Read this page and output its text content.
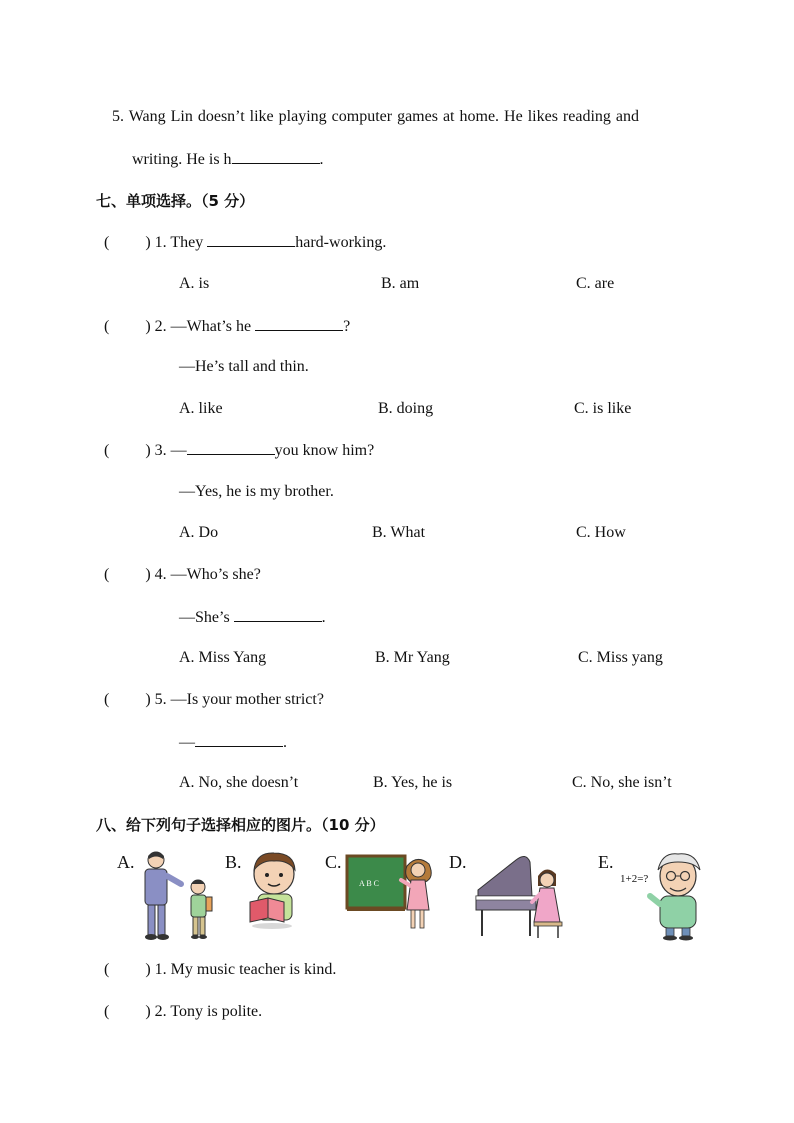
5. Wang Lin doesn’t like playing computer games at home. He likes reading and
writing. He is h	.
七、单项选择。（5 分）
( ) 1. They	hard-working.
A. is	B. am	C. are
( ) 2. —What’s he	?
—He’s tall and thin.
A. like	B. doing	C. is like
( ) 3. —	you know him?
—Yes, he is my brother.
A. Do	B. What	C. How
( ) 4. —Who’s she?
—She’s	.
A. Miss Yang	B. Mr Yang	C. Miss yang
( ) 5. —Is your mother strict?
—	.
A. No, she doesn’t	B. Yes, he is	C. No, she isn’t
八、给下列句子选择相应的图片。（10 分）
A.	B.	C.
A B C
D.	E.
1+2=?
( ) 1. My music teacher is kind.
( ) 2. Tony is polite.
